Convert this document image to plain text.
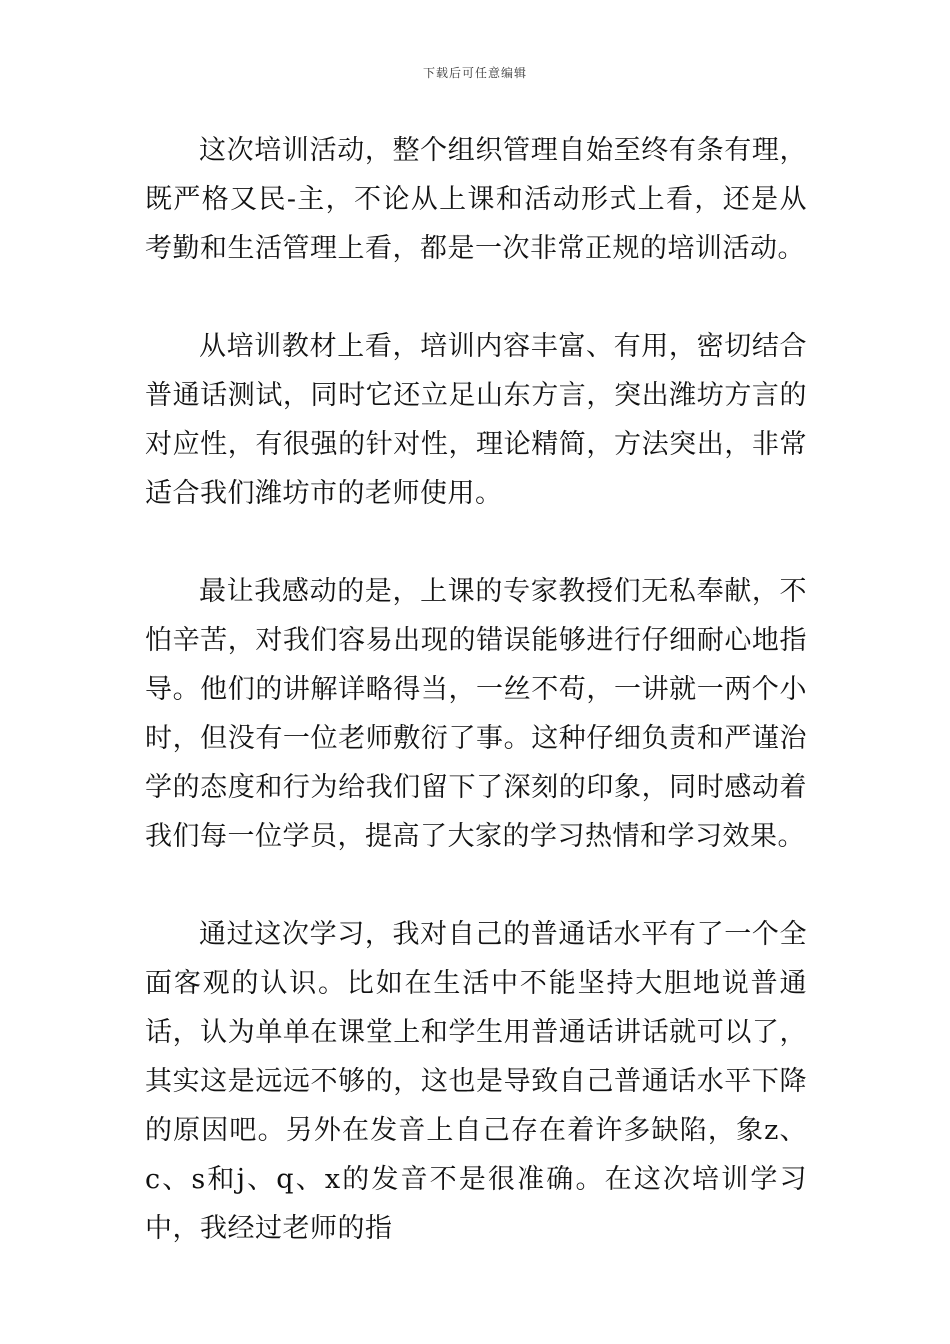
下载后可任意编辑

这次培训活动，整个组织管理自始至终有条有理，既严格又民-主，不论从上课和活动形式上看，还是从考勤和生活管理上看，都是一次非常正规的培训活动。

从培训教材上看，培训内容丰富、有用，密切结合普通话测试，同时它还立足山东方言，突出潍坊方言的对应性，有很强的针对性，理论精简，方法突出，非常适合我们潍坊市的老师使用。

最让我感动的是，上课的专家教授们无私奉献，不怕辛苦，对我们容易出现的错误能够进行仔细耐心地指导。他们的讲解详略得当，一丝不苟，一讲就一两个小时，但没有一位老师敷衍了事。这种仔细负责和严谨治学的态度和行为给我们留下了深刻的印象，同时感动着我们每一位学员，提高了大家的学习热情和学习效果。

通过这次学习，我对自己的普通话水平有了一个全面客观的认识。比如在生活中不能坚持大胆地说普通话，认为单单在课堂上和学生用普通话讲话就可以了，其实这是远远不够的，这也是导致自己普通话水平下降的原因吧。另外在发音上自己存在着许多缺陷，象z、c、s和j、q、x的发音不是很准确。在这次培训学习中，我经过老师的指
